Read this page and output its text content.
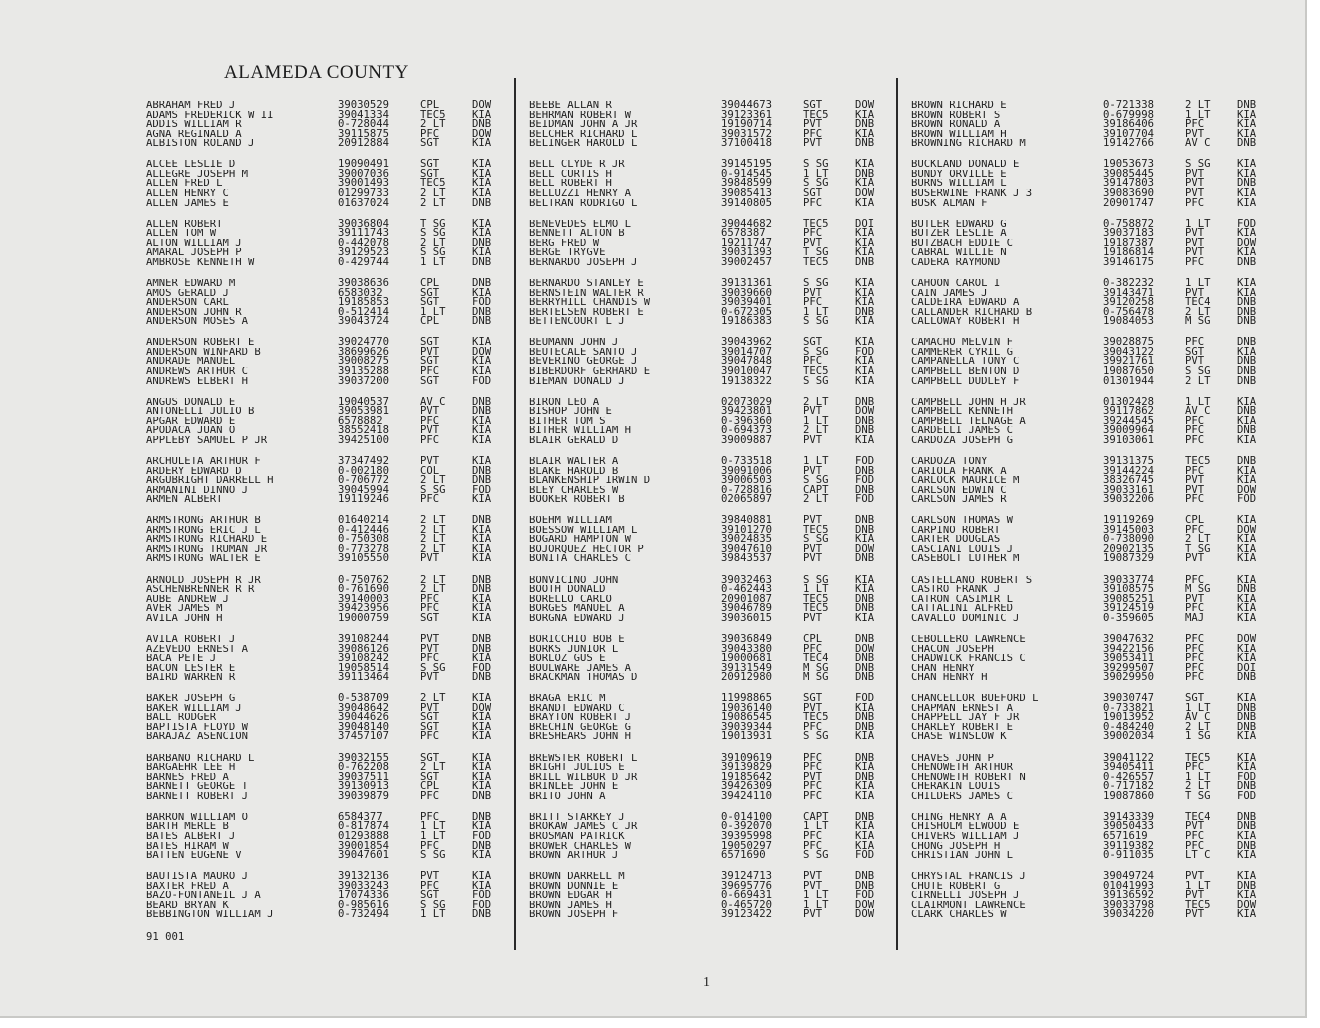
ALAMEDA COUNTY
ABRAHAM FRED J	39030529	CPL	DOW
ADAMS FREDERICK W II	39041334	TEC5	KIA
ADDIS WILLIAM R	0-728044	2 LT	DNB
AGNA REGINALD A	39115875	PFC	DOW
ALBISTON ROLAND J	20912884	SGT	KIA
ALCEE LESLIE D	19090491	SGT	KIA
ALLEGRE JOSEPH M	39007036	SGT	KIA
ALLEN FRED L	39001493	TEC5	KIA
ALLEN HENRY C	01299733	2 LT	KIA
ALLEN JAMES E	01637024	2 LT	DNB
ALLEN ROBERT	39036804	T SG	KIA
ALLEN TOM W	39111743	S SG	KIA
ALTON WILLIAM J	0-442078	2 LT	DNB
AMARAL JOSEPH P	39129523	S SG	KIA
AMBROSE KENNETH W	0-429744	1 LT	DNB
AMNER EDWARD M	39038636	CPL	DNB
AMOS GERALD J	6583032	SGT	KIA
ANDERSON CARL	19185853	SGT	FOD
ANDERSON JOHN R	0-512414	1 LT	DNB
ANDERSON MOSES A	39043724	CPL	DNB
ANDERSON ROBERT E	39024770	SGT	KIA
ANDERSON WINFARD B	38699626	PVT	DOW
ANDRADE MANUEL	39008275	SGT	KIA
ANDREWS ARTHUR C	39135288	PFC	KIA
ANDREWS ELBERT H	39037200	SGT	FOD
ANGUS DONALD E	19040537	AV C	DNB
ANTONELLI JULIO B	39053981	PVT	DNB
APGAR EDWARD E	6578882	PFC	KIA
APODACA JUAN O	38552418	PVT	KIA
APPLEBY SAMUEL P JR	39425100	PFC	KIA
ARCHULETA ARTHUR F	37347492	PVT	KIA
ARDERY EDWARD D	0-002180	COL	DNB
ARGUBRIGHT DARRELL H	0-706772	2 LT	DNB
ARMANINI DINNO J	39045994	S SG	FOD
ARMEN ALBERT	19119246	PFC	KIA
ARMSTRONG ARTHUR B	01640214	2 LT	DNB
ARMSTRONG ERIC J L	0-412446	2 LT	KIA
ARMSTRONG RICHARD E	0-750308	2 LT	KIA
ARMSTRONG TRUMAN JR	0-773278	2 LT	KIA
ARMSTRONG WALTER E	39105550	PVT	KIA
ARNOLD JOSEPH R JR	0-750762	2 LT	DNB
ASCHENBRENNER R R	0-761690	2 LT	DNB
AUBE ANDREW J	39140003	PFC	KIA
AVER JAMES M	39423956	PFC	KIA
AVILA JOHN H	19000759	SGT	KIA
AVILA ROBERT J	39108244	PVT	DNB
AZEVEDO ERNEST A	39086126	PVT	DNB
BACA PETE J	39108242	PFC	KIA
BACON LESTER E	19058514	S SG	FOD
BAIRD WARREN R	39113464	PVT	DNB
BAKER JOSEPH G	0-538709	2 LT	KIA
BAKER WILLIAM J	39048642	PVT	DOW
BALL RODGER	39044626	SGT	KIA
BAPTISTA FLOYD W	39048140	SGT	KIA
BARAJAZ ASENCION	37457107	PFC	KIA
BARBANO RICHARD L	39032155	SGT	KIA
BARGAEHR LEE H	0-762208	2 LT	KIA
BARNES FRED A	39037511	SGT	KIA
BARNETT GEORGE T	39130913	CPL	KIA
BARNETT ROBERT J	39039879	PFC	DNB
BARRON WILLIAM O	6584377	PFC	DNB
BARTH MERLE B	0-817874	1 LT	KIA
BATES ALBERT J	01293888	1 LT	FOD
BATES HIRAM W	39001854	PFC	DNB
BATTEN EUGENE V	39047601	S SG	KIA
BAUTISTA MAURO J	39132136	PVT	KIA
BAXTER FRED A	39033243	PFC	KIA
BAZO-FONTANEIL J A	17074336	SGT	FOD
BEARD BRYAN K	0-985616	S SG	FOD
BEBBINGTON WILLIAM J	0-732494	1 LT	DNB
BEEBE ALLAN R	39044673	SGT	DOW
BEHRMAN ROBERT W	39123361	TEC5	KIA
BEIDMAN JOHN A JR	19190714	PVT	DNB
BELCHER RICHARD L	39031572	PFC	KIA
BELINGER HAROLD L	37100418	PVT	DNB
BELL CLYDE R JR	39145195	S SG	KIA
BELL CURTIS H	0-914545	1 LT	DNB
BELL ROBERT H	39848599	S SG	KIA
BELLUZZI HENRY A	39085413	SGT	DOW
BELTRAN RODRIGO L	39140805	PFC	KIA
BENEVEDES ELMO L	39044682	TEC5	DOI
BENNETT ALTON B	6578387	PFC	KIA
BERG FRED W	19211747	PVT	KIA
BERGE TRYGVE	39031393	T SG	KIA
BERNARDO JOSEPH J	39002457	TEC5	DNB
BERNARDO STANLEY E	39131361	S SG	KIA
BERNSTEIN WALTER R	39039660	PVT	KIA
BERRYHILL CHANDIS W	39039401	PFC	KIA
BERTELSEN ROBERT E	0-672305	1 LT	DNB
BETTENCOURT L J	19186383	S SG	KIA
BEUMANN JOHN J	39043962	SGT	KIA
BEUTECALE SANTO J	39014707	S SG	FOD
BEVERINO GEORGE J	39047848	PFC	KIA
BIBERDORF GERHARD E	39010047	TEC5	KIA
BIEMAN DONALD J	19138322	S SG	KIA
BIRON LEO A	02073029	2 LT	DNB
BISHOP JOHN E	39423801	PVT	DOW
BITHER TOM S	0-396360	1 LT	DNB
BITHER WILLIAM H	0-694373	2 LT	DNB
BLAIR GERALD D	39009887	PVT	KIA
BLAIR WALTER A	0-733518	1 LT	FOD
BLAKE HAROLD B	39091006	PVT	DNB
BLANKENSHIP IRWIN D	39006503	S SG	FOD
BLEY CHARLES W	0-728816	CAPT	DNB
BOOKER ROBERT B	02065897	2 LT	FOD
BOEHM WILLIAM	39840881	PVT	DNB
BOESSOW WILLIAM L	39101270	TEC5	DNB
BOGARD HAMPTON W	39024835	S SG	KIA
BOJORQUEZ HECTOR P	39047610	PVT	DOW
BONITA CHARLES C	39843537	PVT	DNB
BONVICINO JOHN	39032463	S SG	KIA
BOOTH DONALD	0-462443	1 LT	KIA
BORELLO CARLO	20901087	TEC5	DNB
BORGES MANUEL A	39046789	TEC5	DNB
BORGNA EDWARD J	39036015	PVT	KIA
BORICCHIO BOB E	39036849	CPL	DNB
BORKS JUNIOR L	39043380	PFC	DOW
BORLOZ GUS E	19000681	TEC4	DNB
BOULWARE JAMES A	39131549	M SG	DNB
BRACKMAN THOMAS D	20912980	M SG	DNB
BRAGA ERIC M	11998865	SGT	FOD
BRANDT EDWARD C	19036140	PVT	KIA
BRAYTON ROBERT J	19086545	TEC5	DNB
BRECHIN GEORGE G	39039344	PFC	DNB
BRESHEARS JOHN H	19013931	S SG	KIA
BREWSTER ROBERT L	39109619	PFC	DNB
BRIGHT JULIUS E	39139829	PFC	KIA
BRILL WILBUR D JR	19185642	PVT	DNB
BRINLEE JOHN E	39426309	PFC	KIA
BRITO JOHN A	39424110	PFC	KIA
BRITT STARKEY J	0-014100	CAPT	DNB
BROKAW JAMES C JR	0-392070	1 LT	KIA
BROSMAN PATRICK	39395998	PFC	KIA
BROWER CHARLES W	19050297	PFC	KIA
BROWN ARTHUR J	6571690	S SG	FOD
BROWN DARRELL M	39124713	PVT	DNB
BROWN DONNIE E	39695776	PVT	DNB
BROWN EDGAR H	0-669431	1 LT	FOD
BROWN JAMES H	0-465720	1 LT	DOW
BROWN JOSEPH F	39123422	PVT	DOW
BROWN RICHARD E	0-721338	2 LT	DNB
BROWN ROBERT S	0-679998	1 LT	KIA
BROWN RONALD A	39186406	PFC	KIA
BROWN WILLIAM H	39107704	PVT	KIA
BROWNING RICHARD M	19142766	AV C	DNB
BUCKLAND DONALD E	19053673	S SG	KIA
BUNDY ORVILLE E	39085445	PVT	KIA
BURNS WILLIAM L	39147803	PVT	DNB
BUSERWINE FRANK J 3	39083690	PVT	KIA
BUSK ALMAN F	20901747	PFC	KIA
BUTLER EDWARD G	0-758872	1 LT	FOD
BUTZER LESLIE A	39037183	PVT	KIA
BUTZBACH EDDIE C	19187387	PVT	DOW
CABRAL WILLIE N	19186814	PVT	KIA
CADERA RAYMOND	39146175	PFC	DNB
CAHOON CAROL I	0-382232	1 LT	KIA
CAIN JAMES J	39143471	PVT	KIA
CALDEIRA EDWARD A	39120258	TEC4	DNB
CALLANDER RICHARD B	0-756478	2 LT	DNB
CALLOWAY ROBERT H	19084053	M SG	DNB
CAMACHO MELVIN F	39028875	PFC	DNB
CAMMERER CYRIL G	39043122	SGT	KIA
CAMPANELLA TONY C	39921761	PVT	DNB
CAMPBELL BENTON D	19087650	S SG	DNB
CAMPBELL DUDLEY F	01301944	2 LT	DNB
CAMPBELL JOHN H JR	01302428	1 LT	KIA
CAMPBELL KENNETH	39117862	AV C	DNB
CAMPBELL TELNAGE A	39244545	PFC	KIA
CARDELLI JAMES C	39009964	PFC	DNB
CARDOZA JOSEPH G	39103061	PFC	KIA
CARDOZA TONY	39131375	TEC5	DNB
CARIOLA FRANK A	39144224	PFC	KIA
CARLOCK MAURICE M	38326745	PVT	KIA
CARLSON EDWIN C	39033161	PVT	DOW
CARLSON JAMES R	39032206	PFC	FOD
CARLSON THOMAS W	19119269	CPL	KIA
CARPINO ROBERT	39145003	PFC	DOW
CARTER DOUGLAS	0-738090	2 LT	KIA
CASCIANI LOUIS J	20902135	T SG	KIA
CASEBOLT LUTHER M	19087329	PVT	KIA
CASTELLANO ROBERT S	39033774	PFC	KIA
CASTRO FRANK J	39108575	M SG	DNB
CATRON CASIMIR L	39085251	PVT	KIA
CATTALINI ALFRED	39124519	PFC	KIA
CAVALLO DOMINIC J	0-359605	MAJ	KIA
CEBOLLERO LAWRENCE	39047632	PFC	DOW
CHACON JOSEPH	39422156	PFC	KIA
CHADWICK FRANCIS C	39053411	PFC	KIA
CHAN HENRY	39299507	PFC	DOI
CHAN HENRY H	39029950	PFC	DNB
CHANCELLOR BUEFORD L	39030747	SGT	KIA
CHAPMAN ERNEST A	0-733821	1 LT	DNB
CHAPPELL JAY F JR	19013952	AV C	DNB
CHARLEY ROBERT E	0-484240	2 LT	DNB
CHASE WINSLOW K	39002034	1 SG	KIA
CHAVES JOHN P	39041122	TEC5	KIA
CHENOWETH ARTHUR	39405411	PFC	KIA
CHENOWETH ROBERT N	0-426557	1 LT	FOD
CHERAKIN LOUIS	0-717182	2 LT	DNB
CHILDERS JAMES C	19087860	T SG	FOD
CHING HENRY A A	39143339	TEC4	DNB
CHISHOLM ELWOOD E	39050433	PVT	DNB
CHIVERS WILLIAM J	6571619	PFC	KIA
CHONG JOSEPH H	39119382	PFC	DNB
CHRISTIAN JOHN L	0-911035	LT C	KIA
CHRYSTAL FRANCIS J	39049724	PVT	KIA
CHUTE ROBERT G	01041993	1 LT	DNB
CIRNELLI JOSEPH J	39136592	PVT	KIA
CLAIRMONT LAWRENCE	39033798	TEC5	DOW
CLARK CHARLES W	39034220	PVT	KIA
91 001
1
